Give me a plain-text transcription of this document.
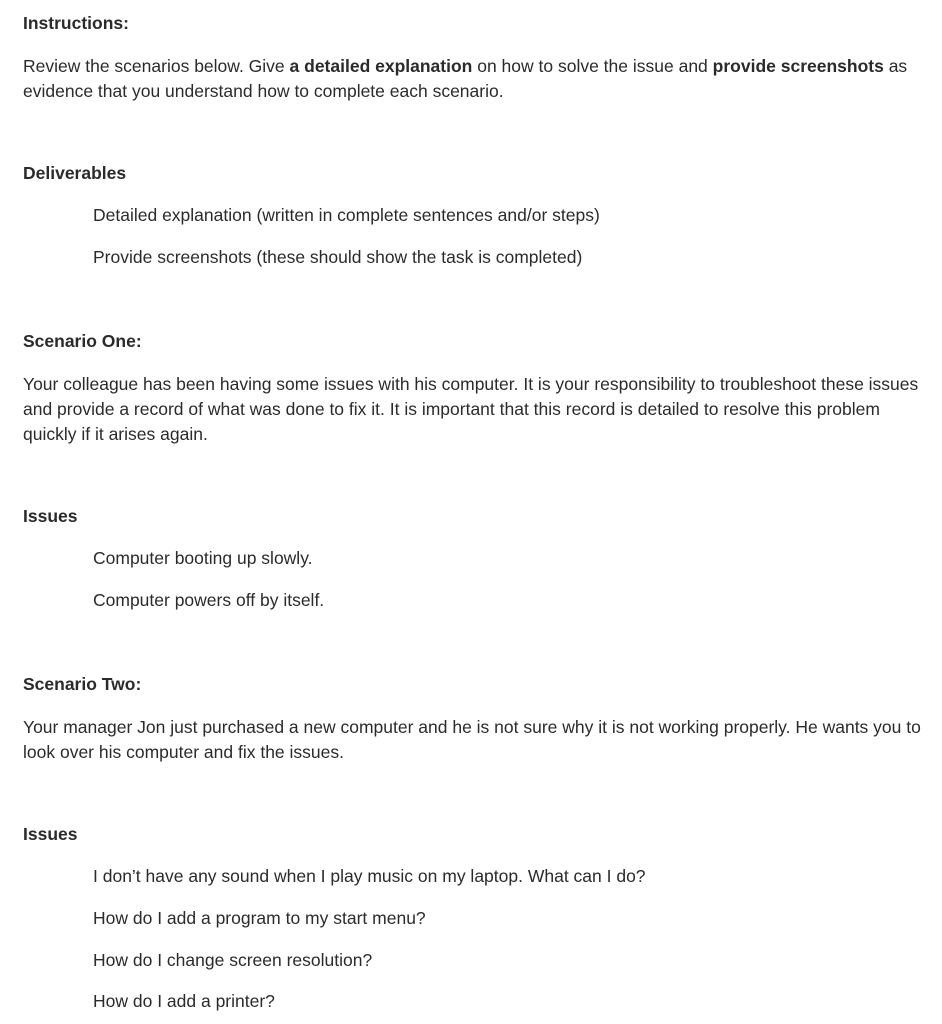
Instructions:
Review the scenarios below. Give a detailed explanation on how to solve the issue and provide screenshots as evidence that you understand how to complete each scenario.
Deliverables
Detailed explanation (written in complete sentences and/or steps)
Provide screenshots (these should show the task is completed)
Scenario One:
Your colleague has been having some issues with his computer. It is your responsibility to troubleshoot these issues and provide a record of what was done to fix it. It is important that this record is detailed to resolve this problem quickly if it arises again.
Issues
Computer booting up slowly.
Computer powers off by itself.
Scenario Two:
Your manager Jon just purchased a new computer and he is not sure why it is not working properly. He wants you to look over his computer and fix the issues.
Issues
I don’t have any sound when I play music on my laptop. What can I do?
How do I add a program to my start menu?
How do I change screen resolution?
How do I add a printer?
